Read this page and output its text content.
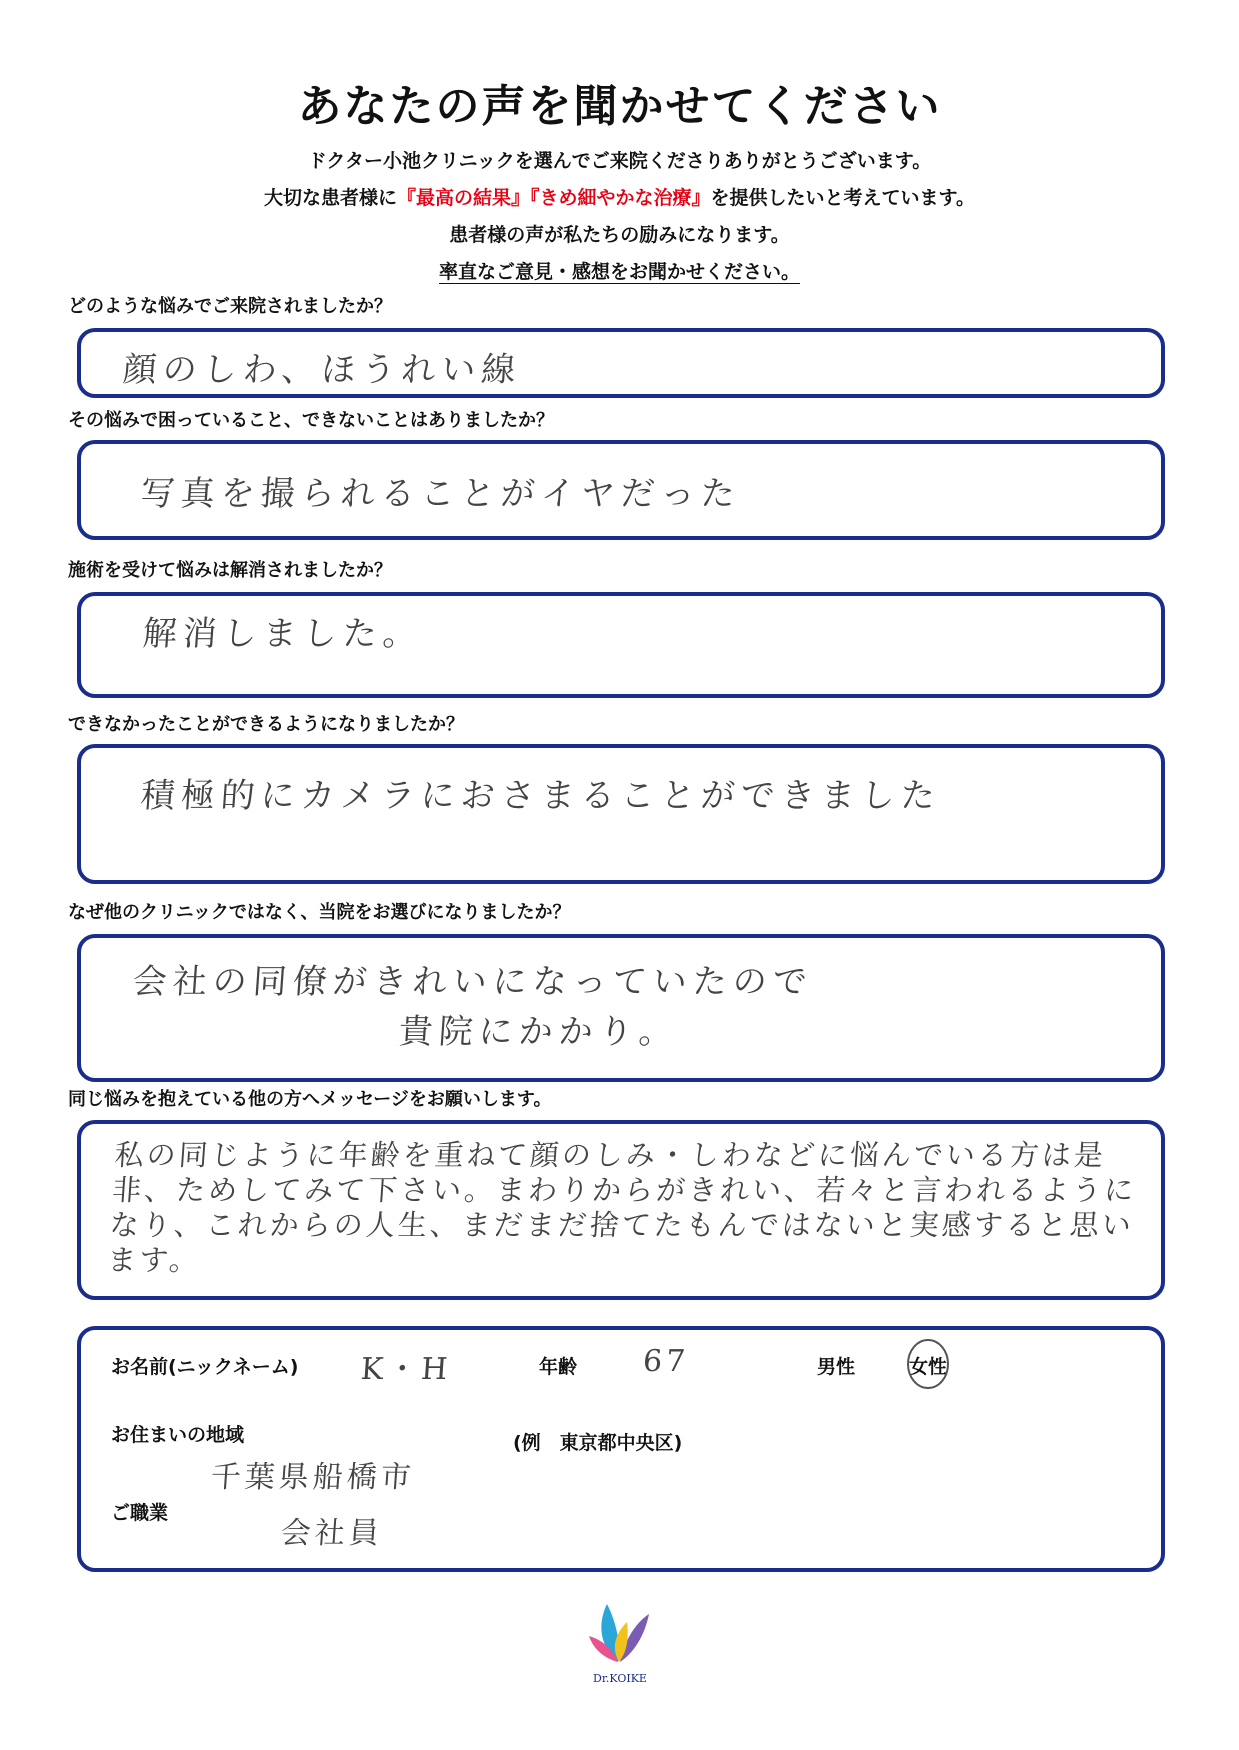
あなたの声を聞かせてください

ドクター小池クリニックを選んでご来院くださりありがとうございます。

大切な患者様に『最高の結果』『きめ細やかな治療』を提供したいと考えています。

患者様の声が私たちの励みになります。

率直なご意見・感想をお聞かせください。

どのような悩みでご来院されましたか？

顔のしわ、ほうれい線

その悩みで困っていること、できないことはありましたか？

写真を撮られることがイヤだった

施術を受けて悩みは解消されましたか？

解消しました。

できなかったことができるようになりましたか？

積極的にカメラにおさまることができました

なぜ他のクリニックではなく、当院をお選びになりましたか？

会社の同僚がきれいになっていたので
貴院にかかり。

同じ悩みを抱えている他の方へメッセージをお願いします。

私の同じように年齢を重ねて顔のしみ・しわなどに悩んでいる方は是非、ためしてみて下さい。まわりからがきれい、若々と言われるようになり、これからの人生、まだまだ捨てたもんではないと実感すると思います。
お名前(ニックネーム) K・H	年齢 67	男性	女性
お住まいの地域	(例　東京都中央区)
千葉県船橋市
ご職業
会社員
Dr.KOIKE
